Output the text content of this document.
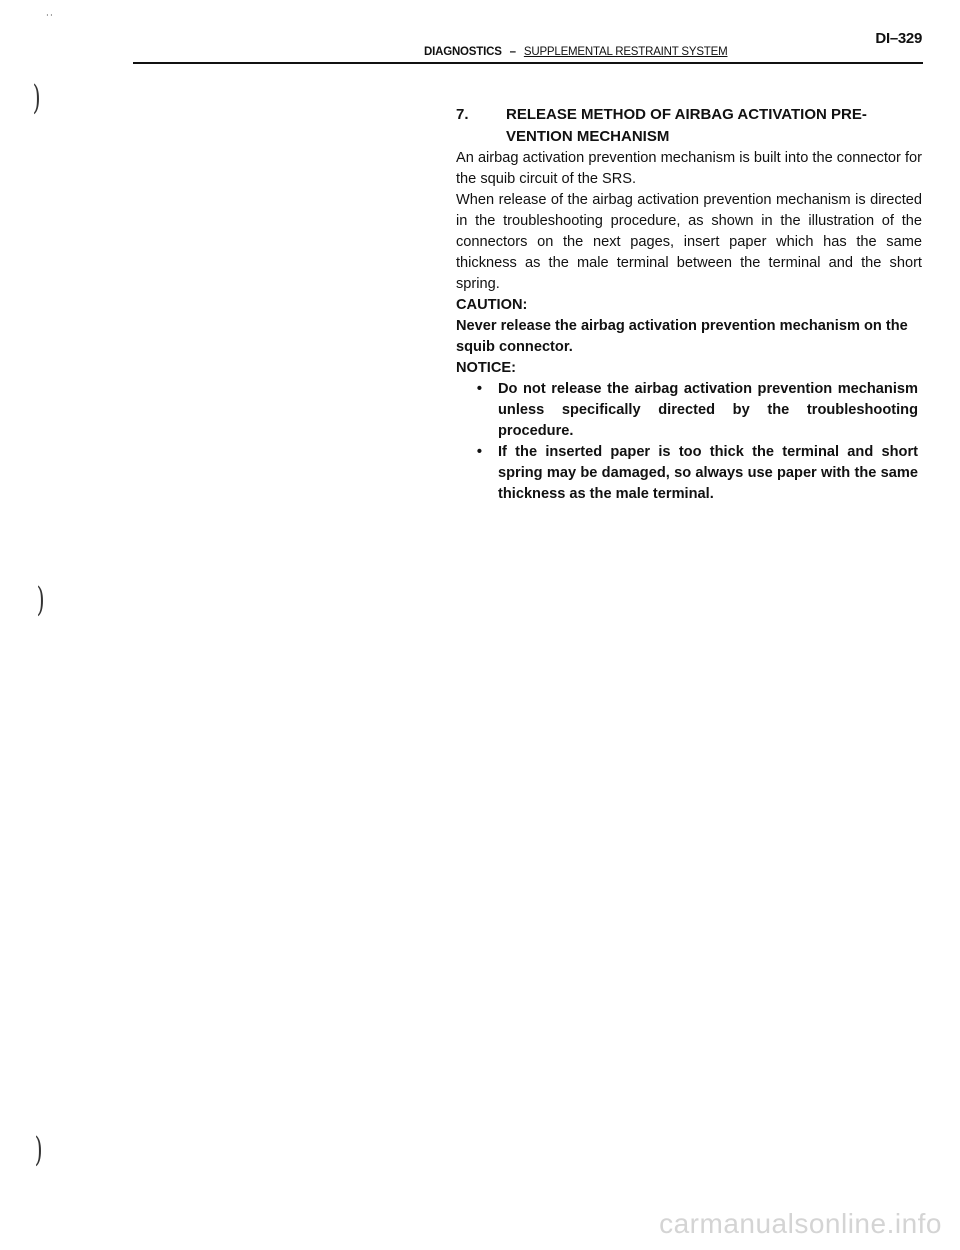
˙˙
DI–329
DIAGNOSTICS – SUPPLEMENTAL RESTRAINT SYSTEM
)
)
)
7.	RELEASE METHOD OF AIRBAG ACTIVATION PRE-
VENTION MECHANISM

An airbag activation prevention mechanism is built into the connector for the squib circuit of the SRS.

When release of the airbag activation prevention mechanism is directed in the troubleshooting procedure, as shown in the illustration of the connectors on the next pages, insert paper which has the same thickness as the male terminal between the terminal and the short spring.

CAUTION:

Never release the airbag activation prevention mechanism on the squib connector.

NOTICE:

•	Do not release the airbag activation prevention mechanism unless specifically directed by the troubleshooting procedure.
•	If the inserted paper is too thick the terminal and short spring may be damaged, so always use paper with the same thickness as the male terminal.
carmanualsonline.info
